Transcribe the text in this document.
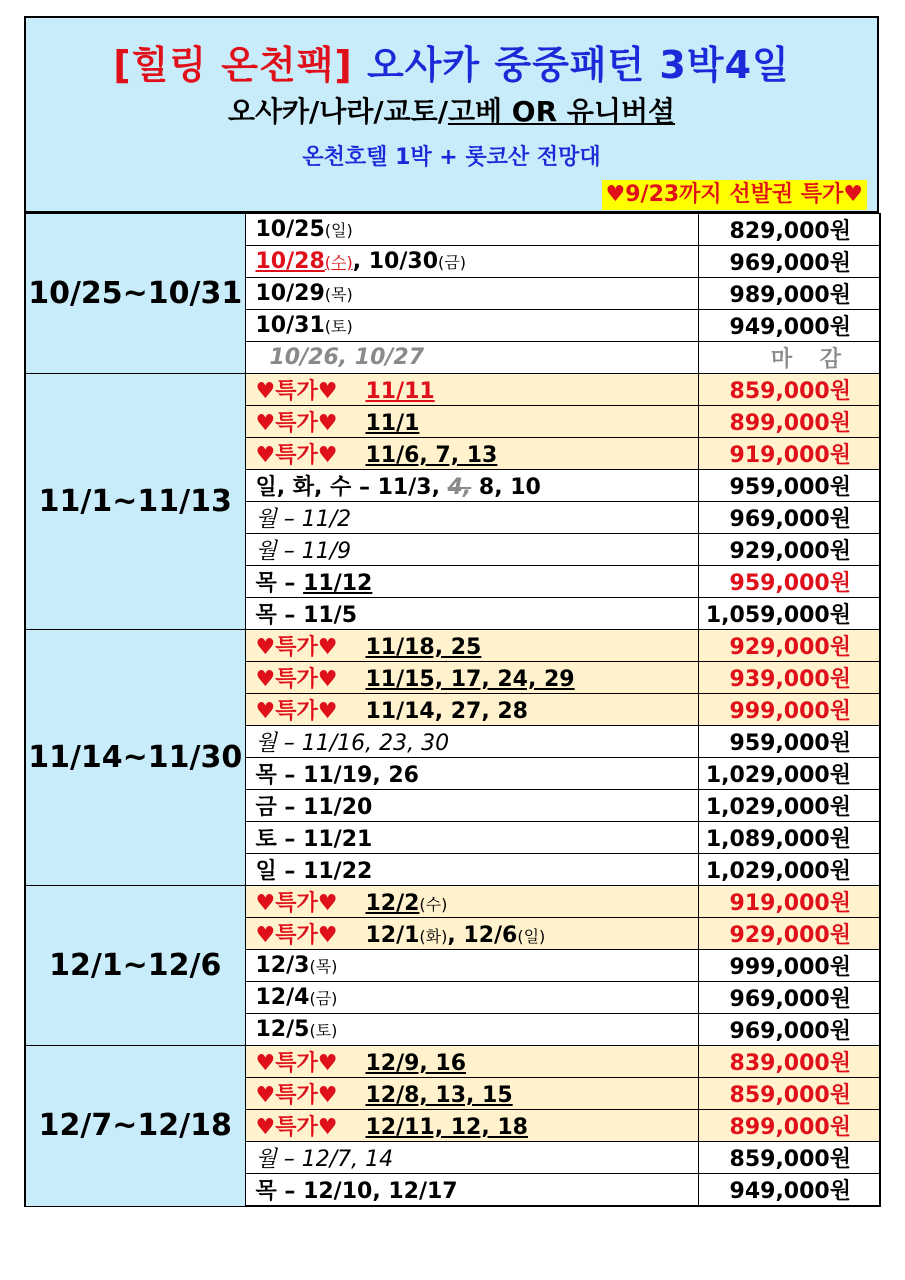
[힐링 온천팩] 오사카 중중패턴 3박4일
오사카/나라/교토/고베 OR 유니버셜
온천호텔 1박 + 롯코산 전망대
♥9/23까지 선발권 특가♥
10/25~10/31	10/25(일)	829,000원
	10/28(수), 10/30(금)	969,000원
	10/29(목)	989,000원
	10/31(토)	949,000원
	10/26, 10/27	마 감
11/1~11/13	♥특가♥ 11/11	859,000원
	♥특가♥ 11/1	899,000원
	♥특가♥ 11/6, 7, 13	919,000원
	일, 화, 수 – 11/3, 4, 8, 10	959,000원
	월 – 11/2	969,000원
	월 – 11/9	929,000원
	목 – 11/12	959,000원
	목 – 11/5	1,059,000원
11/14~11/30	♥특가♥ 11/18, 25	929,000원
	♥특가♥ 11/15, 17, 24, 29	939,000원
	♥특가♥ 11/14, 27, 28	999,000원
	월 – 11/16, 23, 30	959,000원
	목 – 11/19, 26	1,029,000원
	금 – 11/20	1,029,000원
	토 – 11/21	1,089,000원
	일 – 11/22	1,029,000원
12/1~12/6	♥특가♥ 12/2(수)	919,000원
	♥특가♥ 12/1(화), 12/6(일)	929,000원
	12/3(목)	999,000원
	12/4(금)	969,000원
	12/5(토)	969,000원
12/7~12/18	♥특가♥ 12/9, 16	839,000원
	♥특가♥ 12/8, 13, 15	859,000원
	♥특가♥ 12/11, 12, 18	899,000원
	월 – 12/7, 14	859,000원
	목 – 12/10, 12/17	949,000원
